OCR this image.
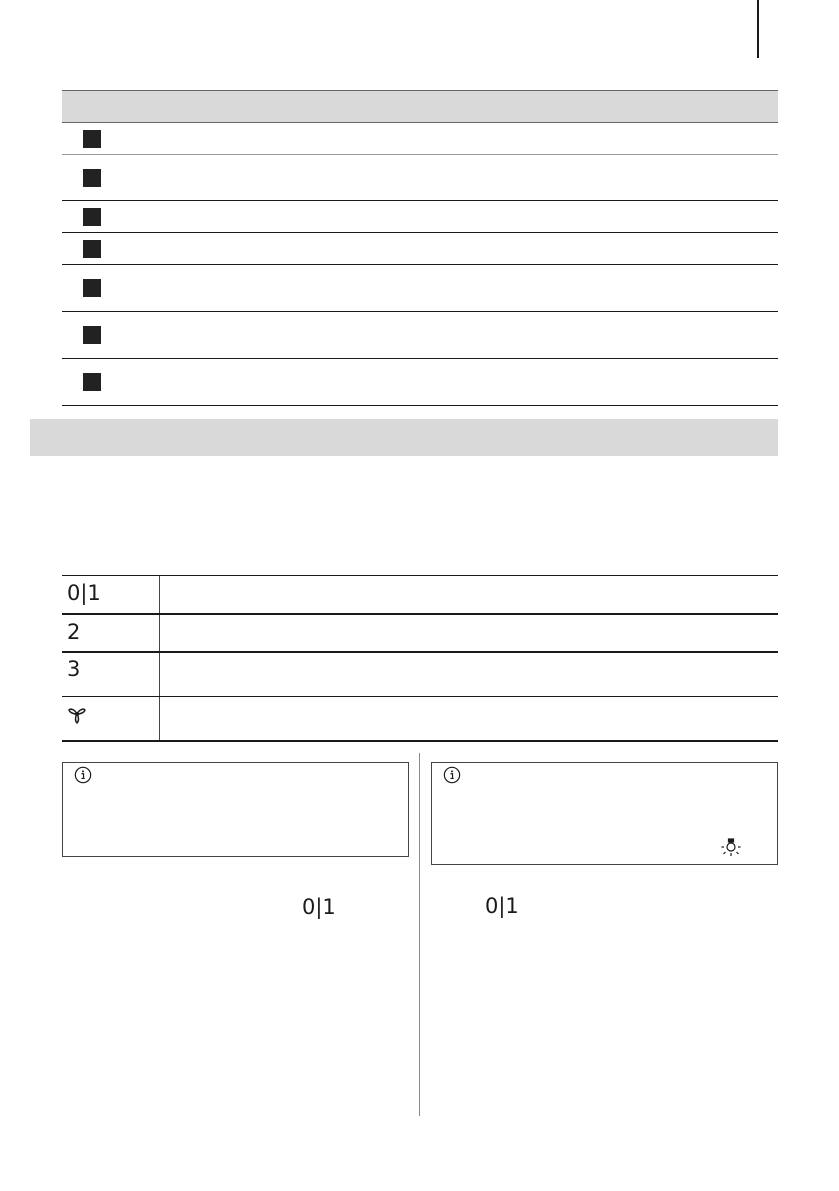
0|1
2
3
0|1	0|1
